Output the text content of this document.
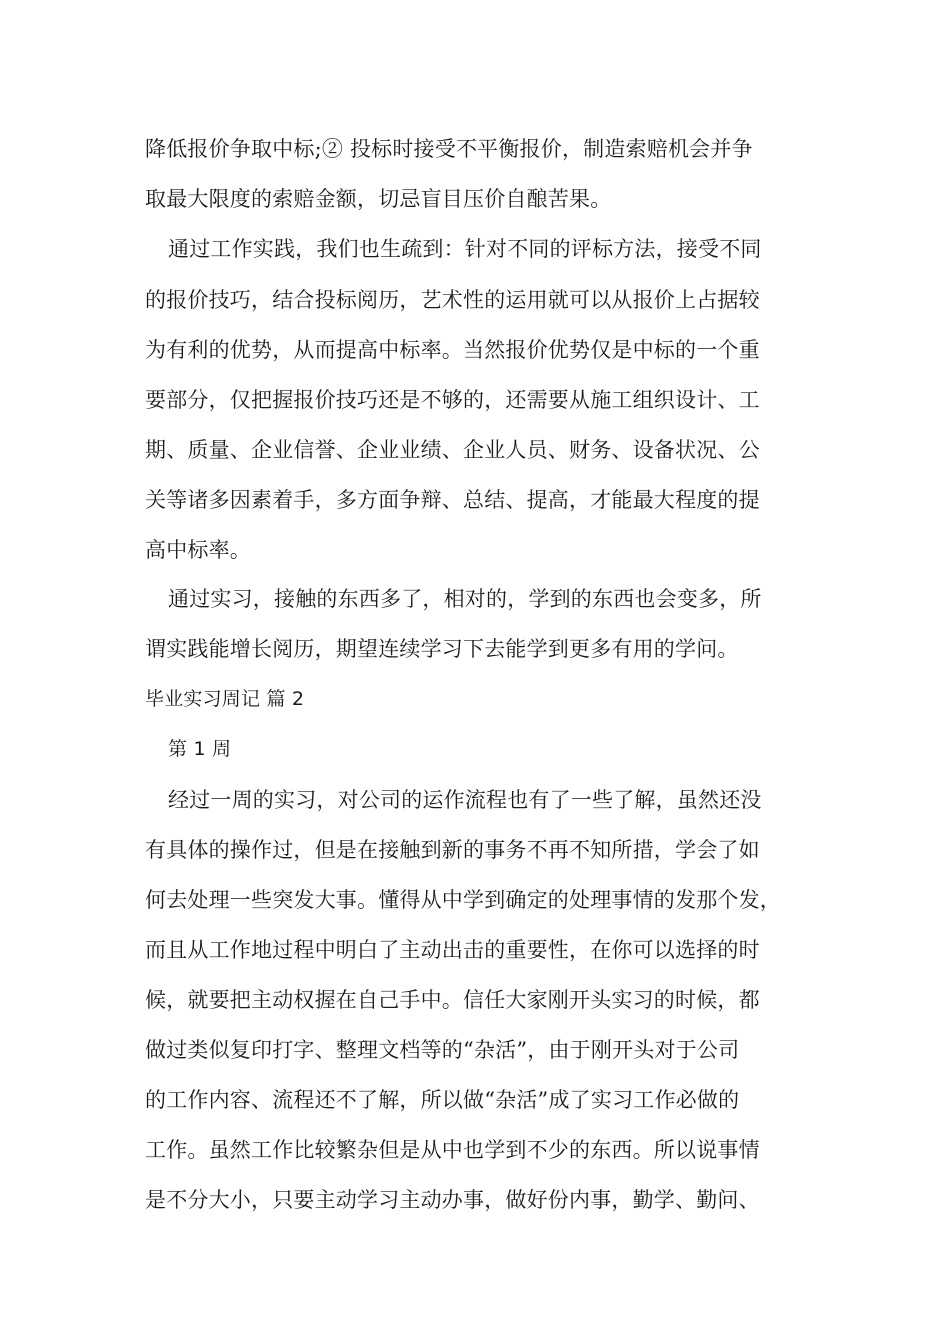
降低报价争取中标;② 投标时接受不平衡报价，制造索赔机会并争
取最大限度的索赔金额，切忌盲目压价自酿苦果。
通过工作实践，我们也生疏到：针对不同的评标方法，接受不同
的报价技巧，结合投标阅历，艺术性的运用就可以从报价上占据较
为有利的优势，从而提高中标率。当然报价优势仅是中标的一个重
要部分，仅把握报价技巧还是不够的，还需要从施工组织设计、工
期、质量、企业信誉、企业业绩、企业人员、财务、设备状况、公
关等诸多因素着手，多方面争辩、总结、提高，才能最大程度的提
高中标率。
通过实习，接触的东西多了，相对的，学到的东西也会变多，所
谓实践能增长阅历，期望连续学习下去能学到更多有用的学问。
毕业实习周记 篇 2
第 1 周
经过一周的实习，对公司的运作流程也有了一些了解，虽然还没
有具体的操作过，但是在接触到新的事务不再不知所措，学会了如
何去处理一些突发大事。懂得从中学到确定的处理事情的发那个发，
而且从工作地过程中明白了主动出击的重要性，在你可以选择的时
候，就要把主动权握在自己手中。信任大家刚开头实习的时候，都
做过类似复印打字、整理文档等的“杂活”，由于刚开头对于公司
的工作内容、流程还不了解，所以做“杂活”成了实习工作必做的
工作。虽然工作比较繁杂但是从中也学到不少的东西。所以说事情
是不分大小，只要主动学习主动办事，做好份内事，勤学、勤问、
